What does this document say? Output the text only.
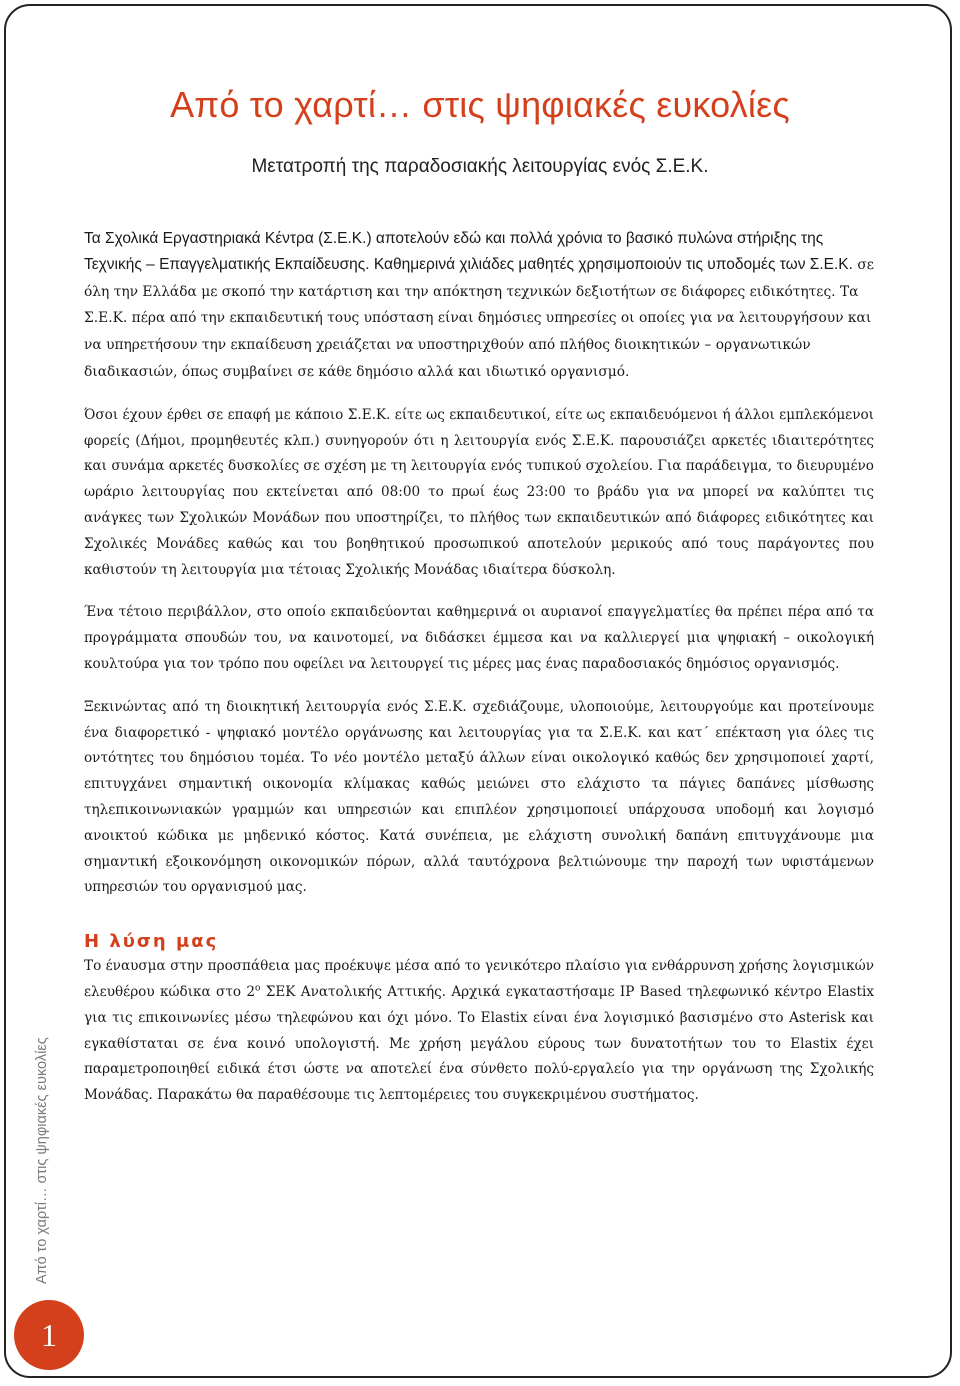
Από το χαρτί… στις ψηφιακές ευκολίες

Μετατροπή της παραδοσιακής λειτουργίας ενός Σ.Ε.Κ.

Τα Σχολικά Εργαστηριακά Κέντρα (Σ.Ε.Κ.) αποτελούν εδώ και πολλά χρόνια το βασικό πυλώνα στήριξης της Τεχνικής – Επαγγελματικής Εκπαίδευσης. Καθημερινά χιλιάδες μαθητές χρησιμοποιούν τις υποδομές των Σ.Ε.Κ. σε όλη την Ελλάδα με σκοπό την κατάρτιση και την απόκτηση τεχνικών δεξιοτήτων σε διάφορες ειδικότητες. Τα Σ.Ε.Κ. πέρα από την εκπαιδευτική τους υπόσταση είναι δημόσιες υπηρεσίες οι οποίες για να λειτουργήσουν και να υπηρετήσουν την εκπαίδευση χρειάζεται να υποστηριχθούν από πλήθος διοικητικών – οργανωτικών διαδικασιών, όπως συμβαίνει σε κάθε δημόσιο αλλά και ιδιωτικό οργανισμό.

Όσοι έχουν έρθει σε επαφή με κάποιο Σ.Ε.Κ. είτε ως εκπαιδευτικοί, είτε ως εκπαιδευόμενοι ή άλλοι εμπλεκόμενοι φορείς (Δήμοι, προμηθευτές κλπ.) συνηγορούν ότι η λειτουργία ενός Σ.Ε.Κ. παρουσιάζει αρκετές ιδιαιτερότητες και συνάμα αρκετές δυσκολίες σε σχέση με τη λειτουργία ενός τυπικού σχολείου. Για παράδειγμα, το διευρυμένο ωράριο λειτουργίας που εκτείνεται από 08:00 το πρωί έως 23:00 το βράδυ για να μπορεί να καλύπτει τις ανάγκες των Σχολικών Μονάδων που υποστηρίζει, το πλήθος των εκπαιδευτικών από διάφορες ειδικότητες και Σχολικές Μονάδες καθώς και του βοηθητικού προσωπικού αποτελούν μερικούς από τους παράγοντες που καθιστούν τη λειτουργία μια τέτοιας Σχολικής Μονάδας ιδιαίτερα δύσκολη.

Ένα τέτοιο περιβάλλον, στο οποίο εκπαιδεύονται καθημερινά οι αυριανοί επαγγελματίες θα πρέπει πέρα από τα προγράμματα σπουδών του, να καινοτομεί, να διδάσκει έμμεσα και να καλλιεργεί μια ψηφιακή – οικολογική κουλτούρα για τον τρόπο που οφείλει να λειτουργεί τις μέρες μας ένας παραδοσιακός δημόσιος οργανισμός.

Ξεκινώντας από τη διοικητική λειτουργία ενός Σ.Ε.Κ. σχεδιάζουμε, υλοποιούμε, λειτουργούμε και προτείνουμε ένα διαφορετικό - ψηφιακό μοντέλο οργάνωσης και λειτουργίας για τα Σ.Ε.Κ. και κατ΄ επέκταση για όλες τις οντότητες του δημόσιου τομέα. Το νέο μοντέλο μεταξύ άλλων είναι οικολογικό καθώς δεν χρησιμοποιεί χαρτί, επιτυγχάνει σημαντική οικονομία κλίμακας καθώς μειώνει στο ελάχιστο τα πάγιες δαπάνες μίσθωσης τηλεπικοινωνιακών γραμμών και υπηρεσιών και επιπλέον χρησιμοποιεί υπάρχουσα υποδομή και λογισμό ανοικτού κώδικα με μηδενικό κόστος. Κατά συνέπεια, με ελάχιστη συνολική δαπάνη επιτυγχάνουμε μια σημαντική εξοικονόμηση οικονομικών πόρων, αλλά ταυτόχρονα βελτιώνουμε την παροχή των υφιστάμενων υπηρεσιών του οργανισμού μας.

Η λύση μας

Το έναυσμα στην προσπάθεια μας προέκυψε μέσα από το γενικότερο πλαίσιο για ενθάρρυνση χρήσης λογισμικών ελευθέρου κώδικα στο $2^o$ ΣΕΚ Ανατολικής Αττικής. Αρχικά εγκαταστήσαμε IP Based τηλεφωνικό κέντρο Elastix για τις επικοινωνίες μέσω τηλεφώνου και όχι μόνο. Το Elastix είναι ένα λογισμικό βασισμένο στο Asterisk και εγκαθίσταται σε ένα κοινό υπολογιστή. Με χρήση μεγάλου εύρους των δυνατοτήτων του το Elastix έχει παραμετροποιηθεί ειδικά έτσι ώστε να αποτελεί ένα σύνθετο πολύ-εργαλείο για την οργάνωση της Σχολικής Μονάδας. Παρακάτω θα παραθέσουμε τις λεπτομέρειες του συγκεκριμένου συστήματος.

Από το χαρτί… στις ψηφιακές ευκολίες
1
